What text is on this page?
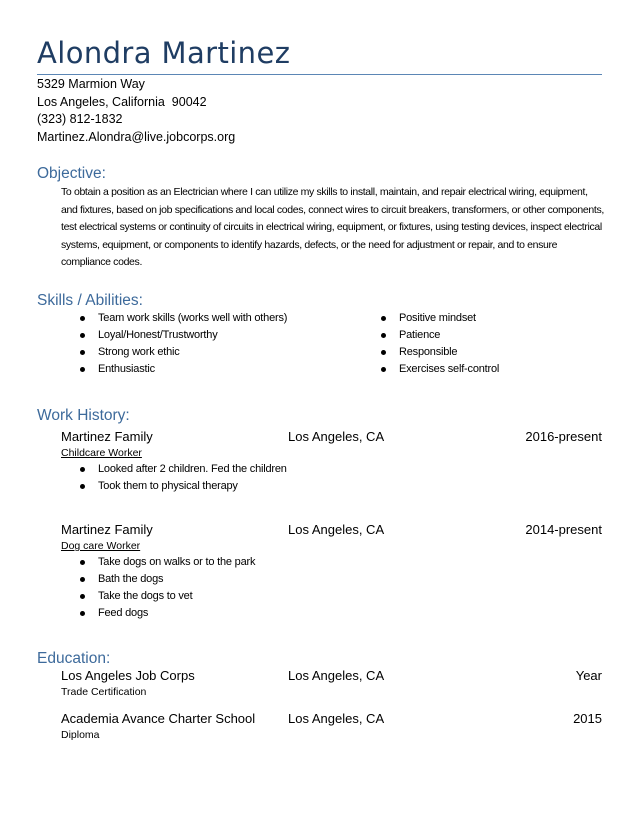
Alondra Martinez
5329 Marmion Way
Los Angeles, California  90042
(323) 812-1832
Martinez.Alondra@live.jobcorps.org
Objective:
To obtain a position as an Electrician where I can utilize my skills to install, maintain, and repair electrical wiring, equipment, and fixtures, based on job specifications and local codes, connect wires to circuit breakers, transformers, or other components, test electrical systems or continuity of circuits in electrical wiring, equipment, or fixtures, using testing devices, inspect electrical systems, equipment, or components to identify hazards, defects, or the need for adjustment or repair, and to ensure compliance codes.
Skills / Abilities:
Team work skills (works well with others)
Loyal/Honest/Trustworthy
Strong work ethic
Enthusiastic
Positive mindset
Patience
Responsible
Exercises self-control
Work History:
Martinez Family	Los Angeles, CA	2016-present
Childcare Worker
Looked after 2 children. Fed the children
Took them to physical therapy
Martinez Family	Los Angeles, CA	2014-present
Dog care Worker
Take dogs on walks or to the park
Bath the dogs
Take the dogs to vet
Feed dogs
Education:
Los Angeles Job Corps	Los Angeles, CA	Year
Trade Certification
Academia Avance Charter School	Los Angeles, CA	2015
Diploma
